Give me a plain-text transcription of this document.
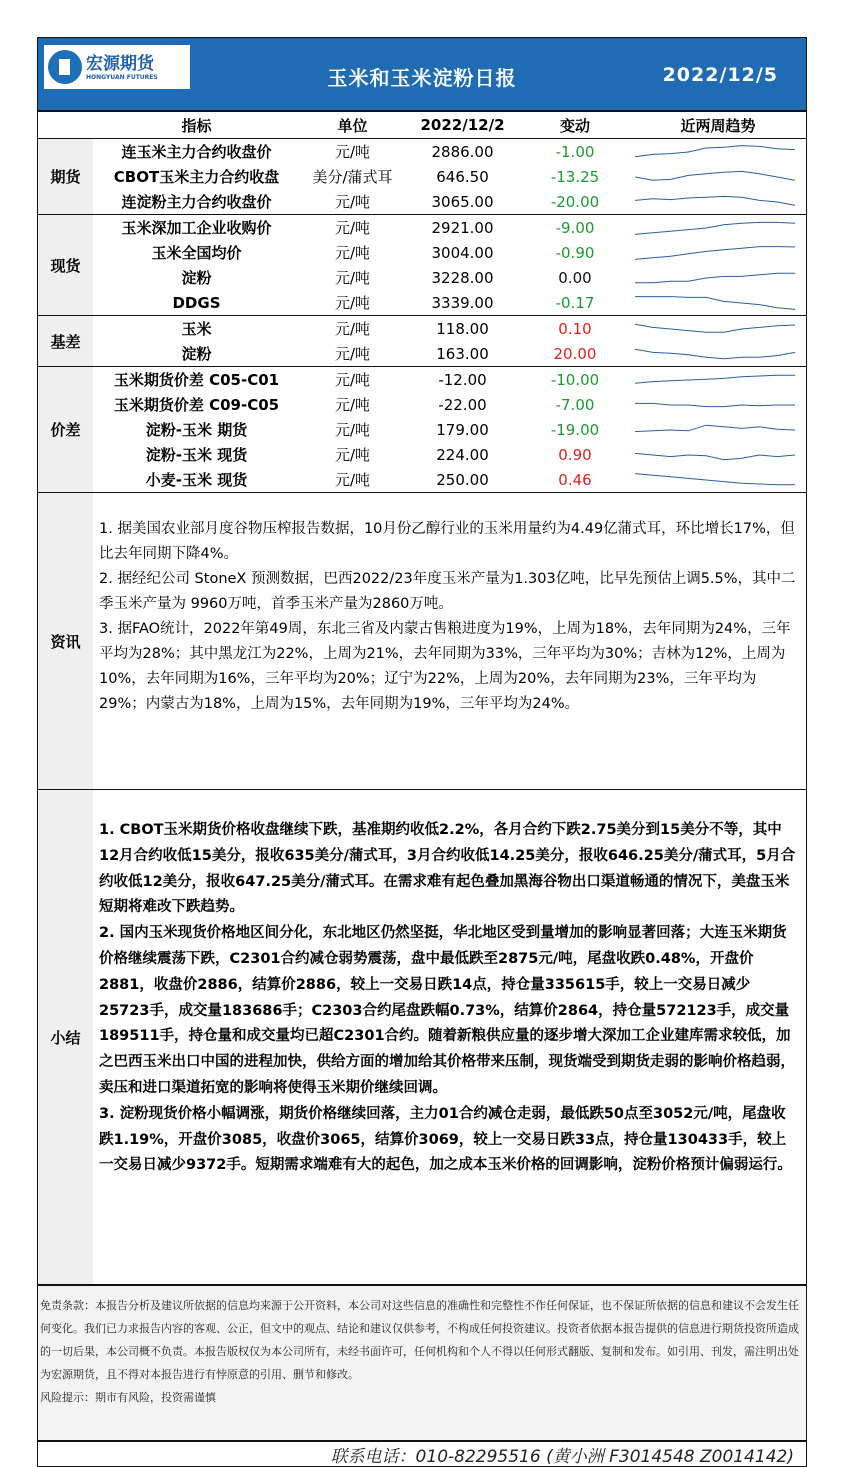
宏源期货
HONGYUAN FUTURES	玉米和玉米淀粉日报	2022/12/5
	指标	单位	2022/12/2	变动	近两周趋势
期货	连玉米主力合约收盘价	元/吨	2886.00	-1.00	

	CBOT玉米主力合约收盘	美分/蒲式耳	646.50	-13.25	

	连淀粉主力合约收盘价	元/吨	3065.00	-20.00	

现货	玉米深加工企业收购价	元/吨	2921.00	-9.00	

	玉米全国均价	元/吨	3004.00	-0.90	

	淀粉	元/吨	3228.00	0.00	

	DDGS	元/吨	3339.00	-0.17	

基差	玉米	元/吨	118.00	0.10	

	淀粉	元/吨	163.00	20.00	

价差	玉米期货价差 C05-C01	元/吨	-12.00	-10.00	

	玉米期货价差 C09-C05	元/吨	-22.00	-7.00	

	淀粉-玉米 期货	元/吨	179.00	-19.00	

	淀粉-玉米 现货	元/吨	224.00	0.90	

	小麦-玉米 现货	元/吨	250.00	0.46	
资讯
1. 据美国农业部月度谷物压榨报告数据，10月份乙醇行业的玉米用量约为4.49亿蒲式耳，环比增长17%，但比去年同期下降4%。
2. 据经纪公司 StoneX 预测数据，巴西2022/23年度玉米产量为1.303亿吨，比早先预估上调5.5%，其中二季玉米产量为 9960万吨，首季玉米产量为2860万吨。
3. 据FAO统计，2022年第49周，东北三省及内蒙古售粮进度为19%，上周为18%，去年同期为24%，三年平均为28%；其中黑龙江为22%，上周为21%，去年同期为33%，三年平均为30%；吉林为12%，上周为10%，去年同期为16%，三年平均为20%；辽宁为22%，上周为20%，去年同期为23%，三年平均为29%；内蒙古为18%，上周为15%，去年同期为19%，三年平均为24%。
小结
1. CBOT玉米期货价格收盘继续下跌，基准期约收低2.2%，各月合约下跌2.75美分到15美分不等，其中12月合约收低15美分，报收635美分/蒲式耳，3月合约收低14.25美分，报收646.25美分/蒲式耳，5月合约收低12美分，报收647.25美分/蒲式耳。在需求难有起色叠加黑海谷物出口渠道畅通的情况下，美盘玉米短期将难改下跌趋势。
2. 国内玉米现货价格地区间分化，东北地区仍然坚挺，华北地区受到量增加的影响显著回落；大连玉米期货价格继续震荡下跌，C2301合约减仓弱势震荡，盘中最低跌至2875元/吨，尾盘收跌0.48%，开盘价2881，收盘价2886，结算价2886，较上一交易日跌14点，持仓量335615手，较上一交易日减少25723手，成交量183686手；C2303合约尾盘跌幅0.73%，结算价2864，持仓量572123手，成交量189511手，持仓量和成交量均已超C2301合约。随着新粮供应量的逐步增大深加工企业建库需求较低，加之巴西玉米出口中国的进程加快，供给方面的增加给其价格带来压制，现货端受到期货走弱的影响价格趋弱，卖压和进口渠道拓宽的影响将使得玉米期价继续回调。
3. 淀粉现货价格小幅调涨，期货价格继续回落，主力01合约减仓走弱，最低跌50点至3052元/吨，尾盘收跌1.19%，开盘价3085，收盘价3065，结算价3069，较上一交易日跌33点，持仓量130433手，较上一交易日减少9372手。短期需求端难有大的起色，加之成本玉米价格的回调影响，淀粉价格预计偏弱运行。
免责条款：本报告分析及建议所依据的信息均来源于公开资料，本公司对这些信息的准确性和完整性不作任何保证，也不保证所依据的信息和建议不会发生任何变化。我们已力求报告内容的客观、公正，但文中的观点、结论和建议仅供参考，不构成任何投资建议。投资者依据本报告提供的信息进行期货投资所造成的一切后果，本公司概不负责。本报告版权仅为本公司所有，未经书面许可，任何机构和个人不得以任何形式翻版、复制和发布。如引用、刊发，需注明出处为宏源期货，且不得对本报告进行有悖原意的引用、删节和修改。
风险提示：期市有风险，投资需谨慎
联系电话：010-82295516 (黄小洲 F3014548 Z0014142)
